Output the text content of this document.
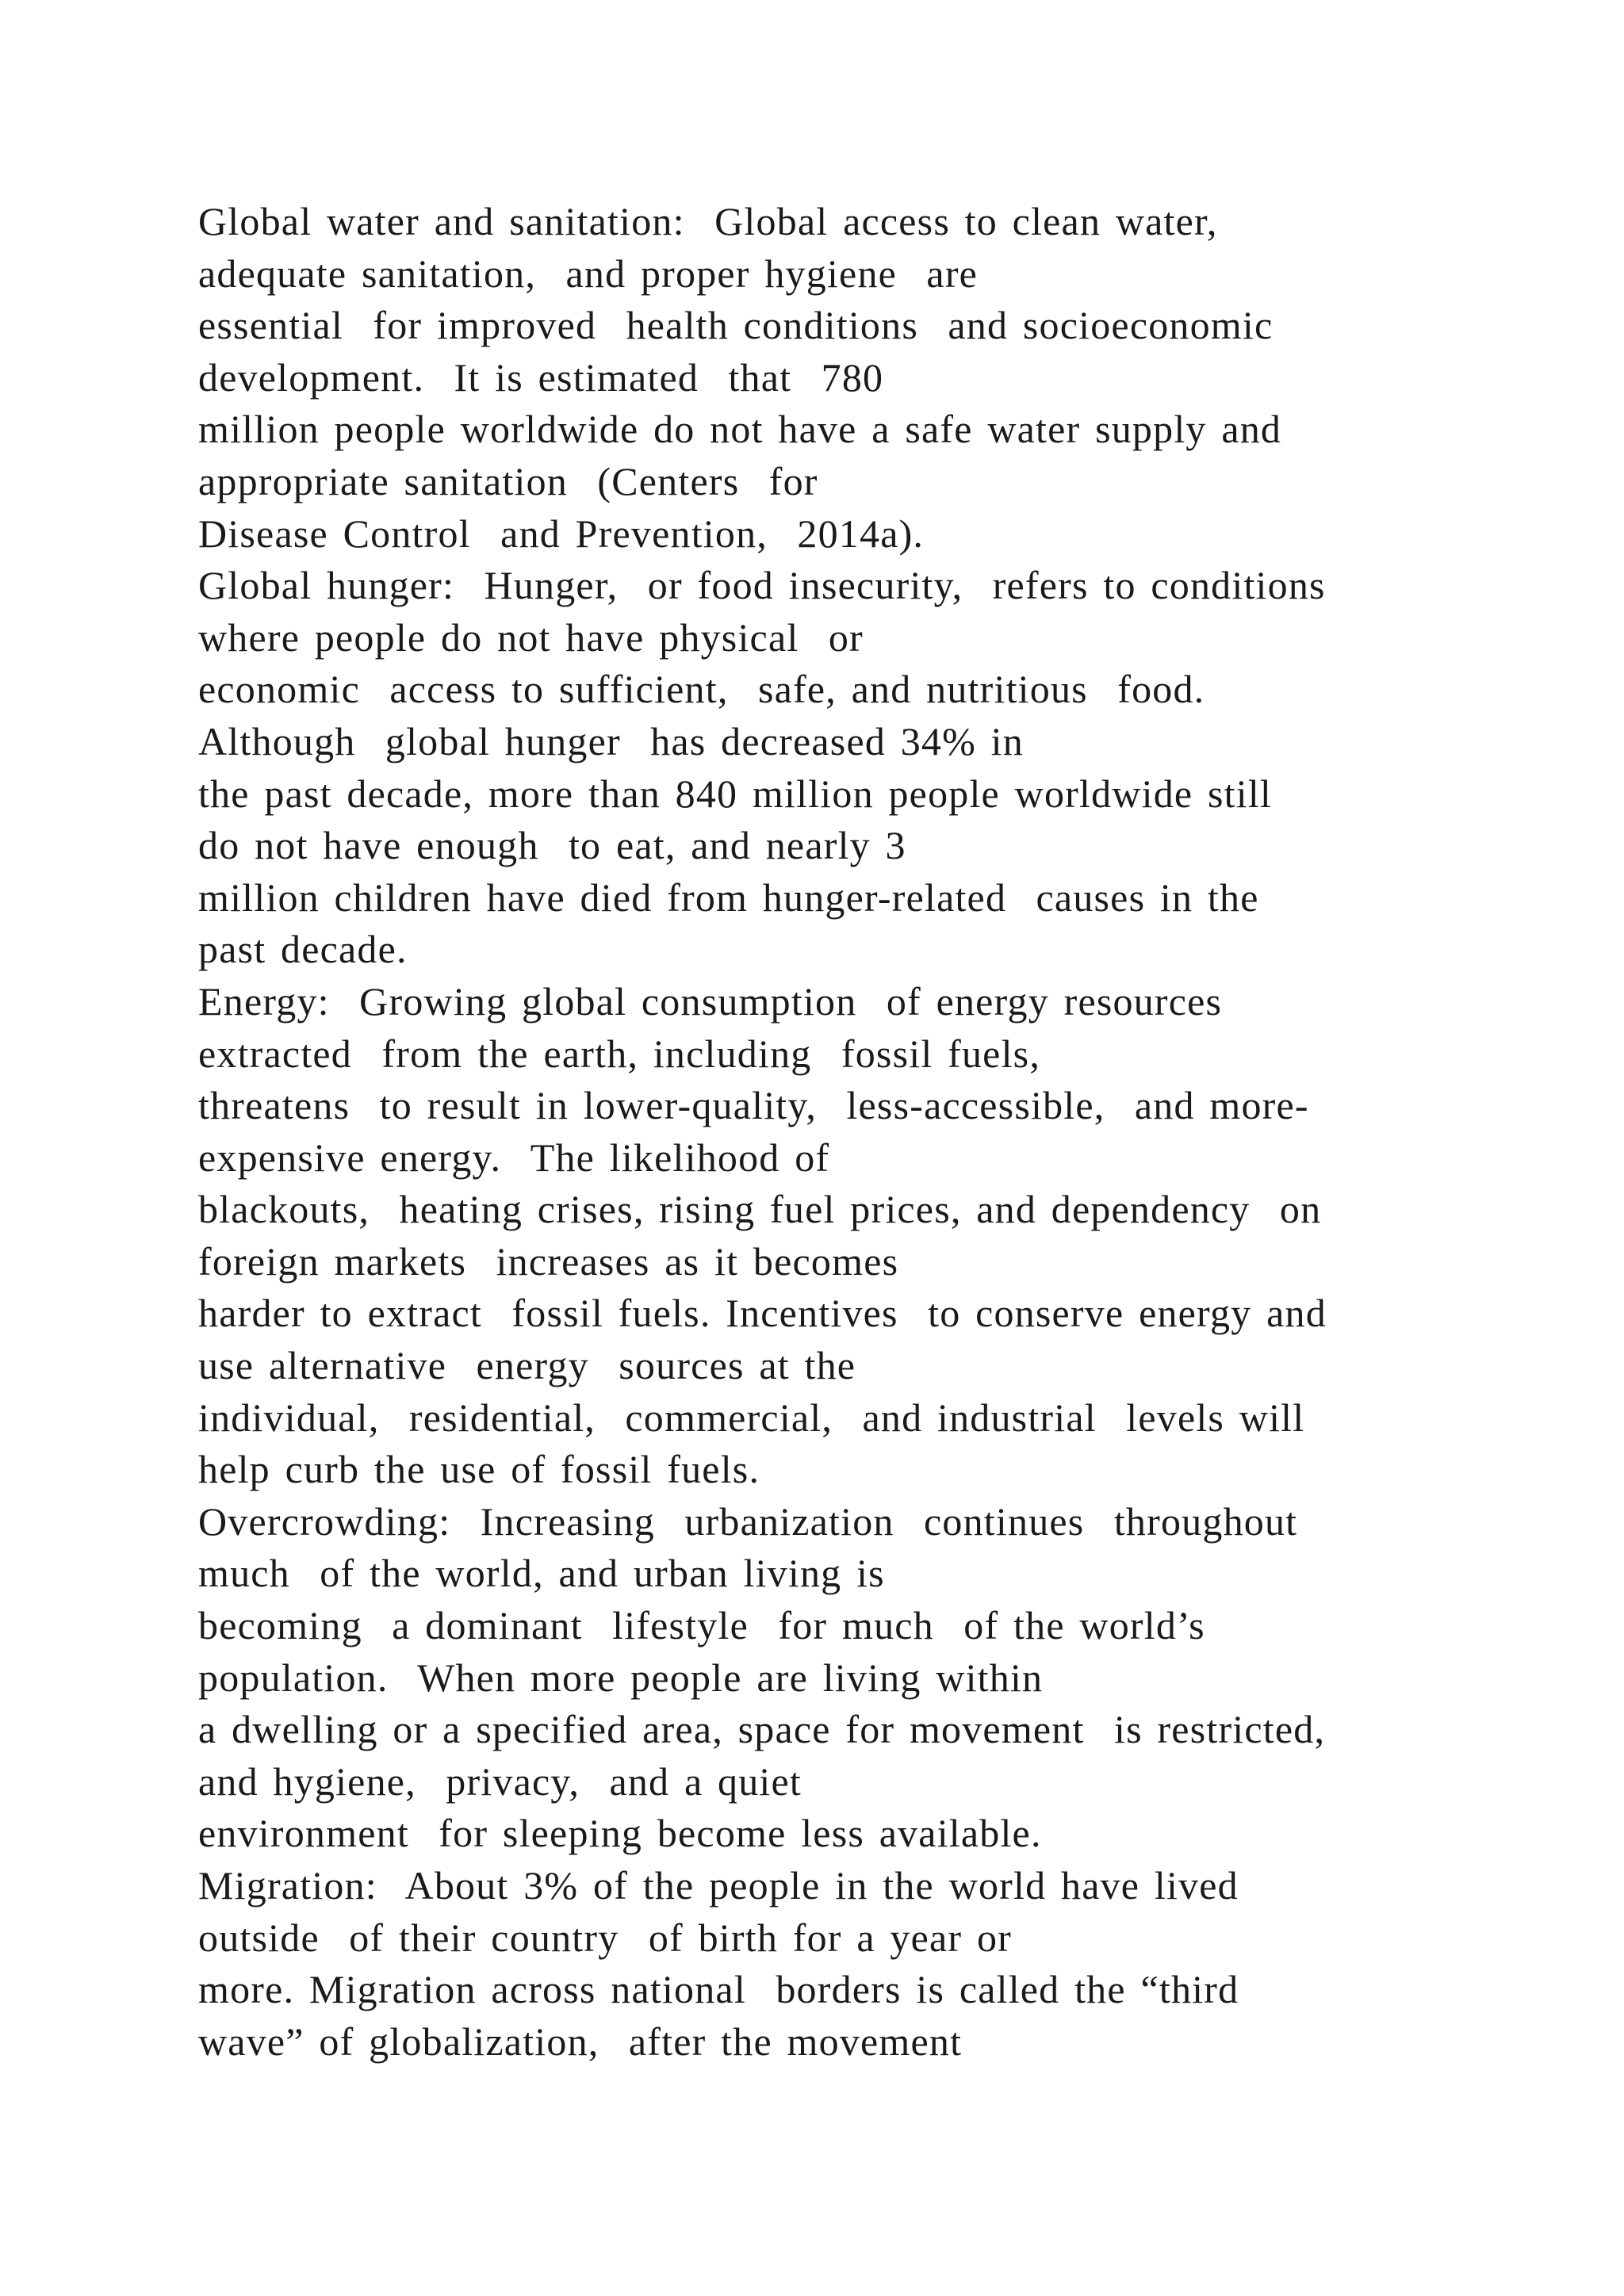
Global water and sanitation:  Global access to clean water,
adequate sanitation,  and proper hygiene  are
essential  for improved  health conditions  and socioeconomic
development.  It is estimated  that  780
million people worldwide do not have a safe water supply and
appropriate sanitation  (Centers  for
Disease Control  and Prevention,  2014a).
Global hunger:  Hunger,  or food insecurity,  refers to conditions
where people do not have physical  or
economic  access to sufficient,  safe, and nutritious  food.
Although  global hunger  has decreased 34% in
the past decade, more than 840 million people worldwide still
do not have enough  to eat, and nearly 3
million children have died from hunger-related  causes in the
past decade.
Energy:  Growing global consumption  of energy resources
extracted  from the earth, including  fossil fuels,
threatens  to result in lower-quality,  less-accessible,  and more-
expensive energy.  The likelihood of
blackouts,  heating crises, rising fuel prices, and dependency  on
foreign markets  increases as it becomes
harder to extract  fossil fuels. Incentives  to conserve energy and
use alternative  energy  sources at the
individual,  residential,  commercial,  and industrial  levels will
help curb the use of fossil fuels.
Overcrowding:  Increasing  urbanization  continues  throughout
much  of the world, and urban living is
becoming  a dominant  lifestyle  for much  of the world’s
population.  When more people are living within
a dwelling or a specified area, space for movement  is restricted,
and hygiene,  privacy,  and a quiet
environment  for sleeping become less available.
Migration:  About 3% of the people in the world have lived
outside  of their country  of birth for a year or
more. Migration across national  borders is called the “third
wave” of globalization,  after the movement
